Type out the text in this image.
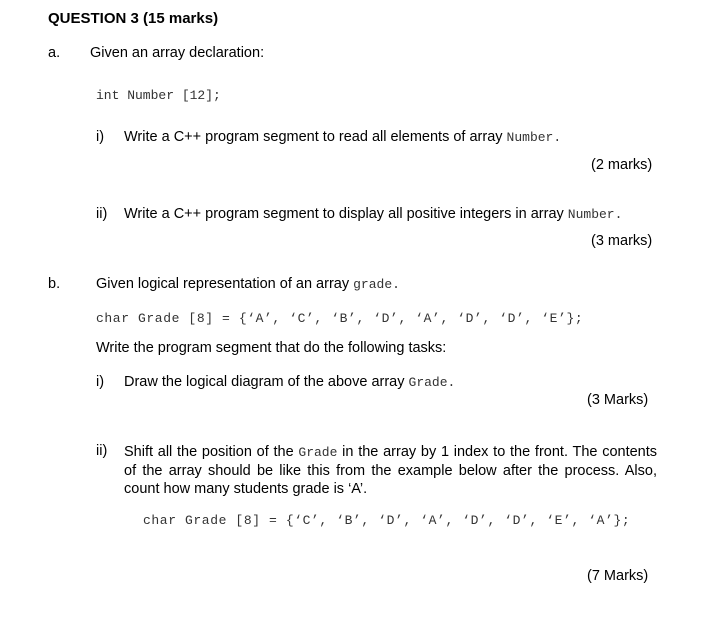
QUESTION 3 (15 marks)
a. Given an array declaration:
int Number [12];
i) Write a C++ program segment to read all elements of array Number.
(2 marks)
ii) Write a C++ program segment to display all positive integers in array Number.
(3 marks)
b. Given logical representation of an array grade.
char Grade [8] = {‘A’, ‘C’, ‘B’, ‘D’, ‘A’, ‘D’, ‘D’, ‘E’};
Write the program segment that do the following tasks:
i) Draw the logical diagram of the above array Grade.
(3 Marks)
ii) Shift all the position of the Grade in the array by 1 index to the front. The contents of the array should be like this from the example below after the process. Also, count how many students grade is ‘A’.
char Grade [8] = {‘C’, ‘B’, ‘D’, ‘A’, ‘D’, ‘D’, ‘E’, ‘A’};
(7 Marks)
